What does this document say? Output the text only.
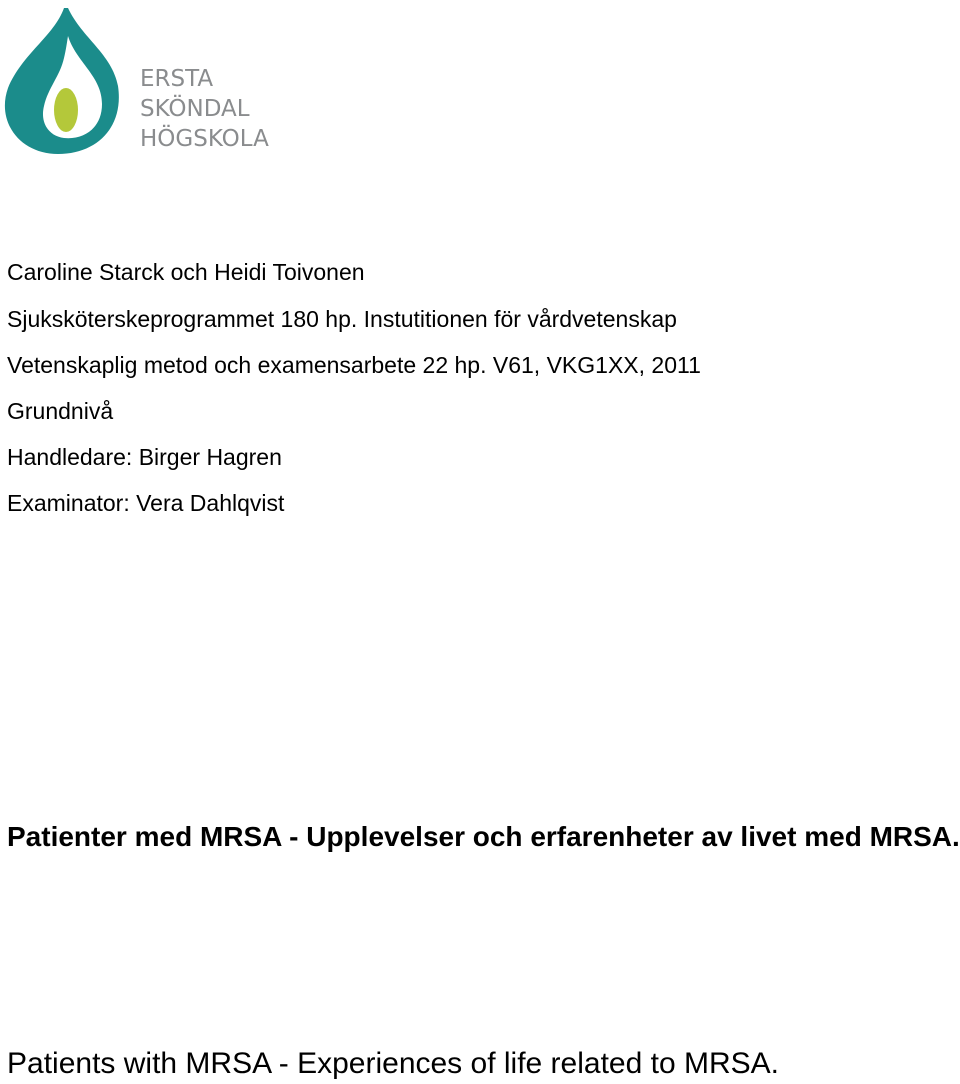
ERSTA
SKÖNDAL
HÖGSKOLA
Caroline Starck och Heidi Toivonen
Sjuksköterskeprogrammet 180 hp. Instutitionen för vårdvetenskap
Vetenskaplig metod och examensarbete 22 hp. V61, VKG1XX, 2011
Grundnivå
Handledare: Birger Hagren
Examinator: Vera Dahlqvist
Patienter med MRSA - Upplevelser och erfarenheter av livet med MRSA.
Patients with MRSA - Experiences of life related to MRSA.
